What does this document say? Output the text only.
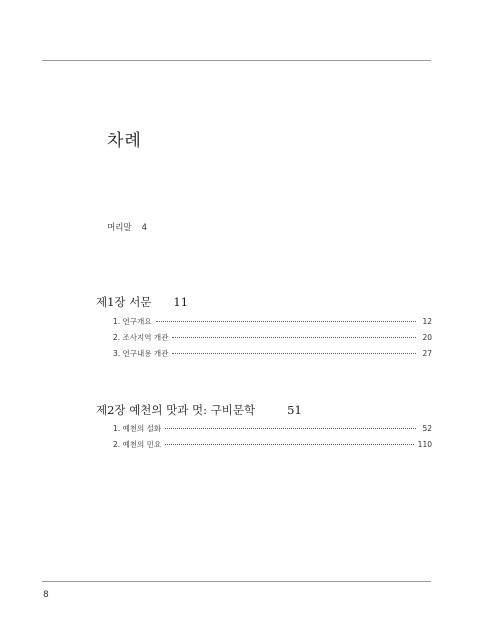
차례
머리말 4
제1장 서문 11
1. 연구개요	12
2. 조사지역 개관	20
3. 연구내용 개관	27
제2장 예천의 맛과 멋: 구비문학	51
1. 예천의 설화	52
2. 예천의 민요	110
8
